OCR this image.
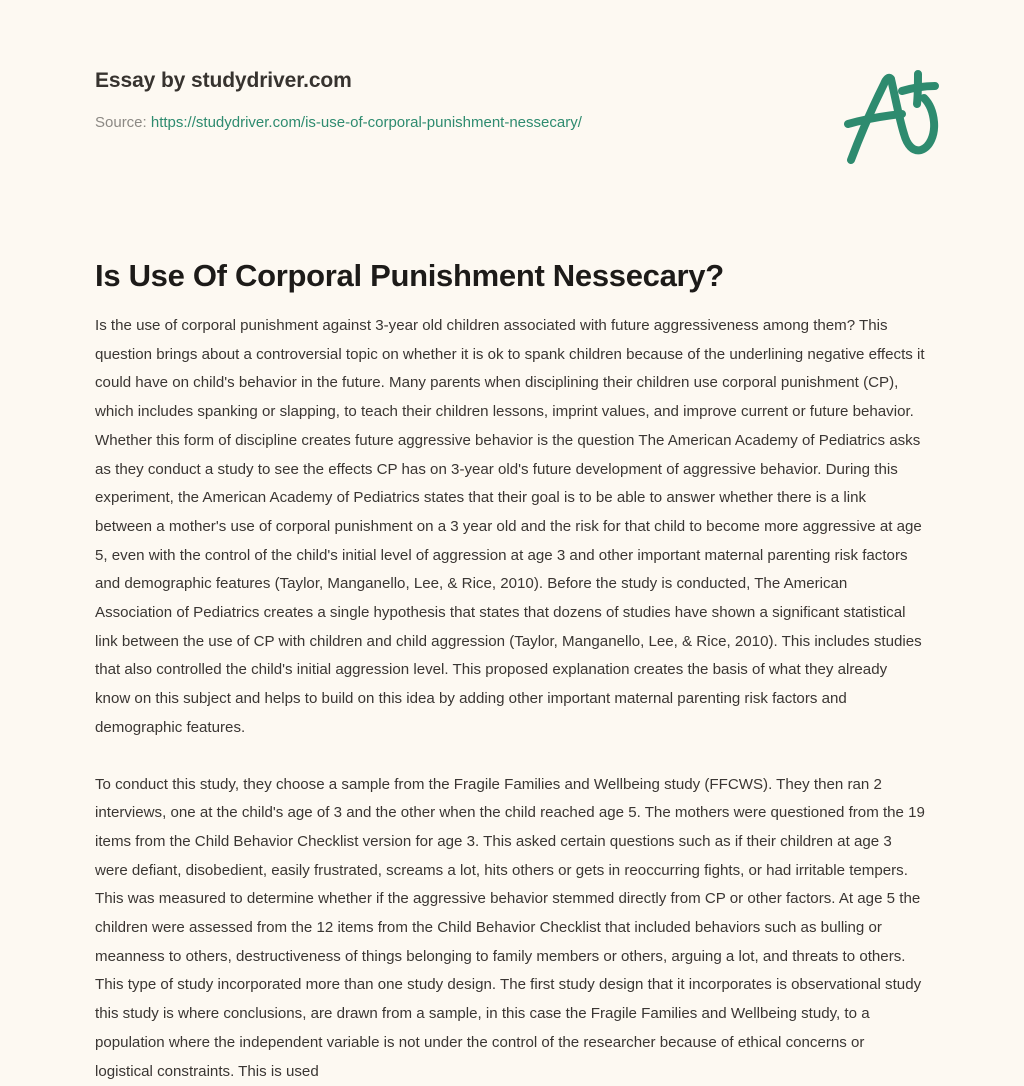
Essay by studydriver.com
Source: https://studydriver.com/is-use-of-corporal-punishment-nessecary/
Is Use Of Corporal Punishment Nessecary?

Is the use of corporal punishment against 3-year old children associated with future aggressiveness among them? This question brings about a controversial topic on whether it is ok to spank children because of the underlining negative effects it could have on child's behavior in the future. Many parents when disciplining their children use corporal punishment (CP), which includes spanking or slapping, to teach their children lessons, imprint values, and improve current or future behavior. Whether this form of discipline creates future aggressive behavior is the question The American Academy of Pediatrics asks as they conduct a study to see the effects CP has on 3-year old's future development of aggressive behavior. During this experiment, the American Academy of Pediatrics states that their goal is to be able to answer whether there is a link between a mother's use of corporal punishment on a 3 year old and the risk for that child to become more aggressive at age 5, even with the control of the child's initial level of aggression at age 3 and other important maternal parenting risk factors and demographic features (Taylor, Manganello, Lee, & Rice, 2010). Before the study is conducted, The American Association of Pediatrics creates a single hypothesis that states that dozens of studies have shown a significant statistical link between the use of CP with children and child aggression (Taylor, Manganello, Lee, & Rice, 2010). This includes studies that also controlled the child's initial aggression level. This proposed explanation creates the basis of what they already know on this subject and helps to build on this idea by adding other important maternal parenting risk factors and demographic features.

To conduct this study, they choose a sample from the Fragile Families and Wellbeing study (FFCWS). They then ran 2 interviews, one at the child's age of 3 and the other when the child reached age 5. The mothers were questioned from the 19 items from the Child Behavior Checklist version for age 3. This asked certain questions such as if their children at age 3 were defiant, disobedient, easily frustrated, screams a lot, hits others or gets in reoccurring fights, or had irritable tempers. This was measured to determine whether if the aggressive behavior stemmed directly from CP or other factors. At age 5 the children were assessed from the 12 items from the Child Behavior Checklist that included behaviors such as bulling or meanness to others, destructiveness of things belonging to family members or others, arguing a lot, and threats to others. This type of study incorporated more than one study design. The first study design that it incorporates is observational study this study is where conclusions, are drawn from a sample, in this case the Fragile Families and Wellbeing study, to a population where the independent variable is not under the control of the researcher because of ethical concerns or logistical constraints. This is used
